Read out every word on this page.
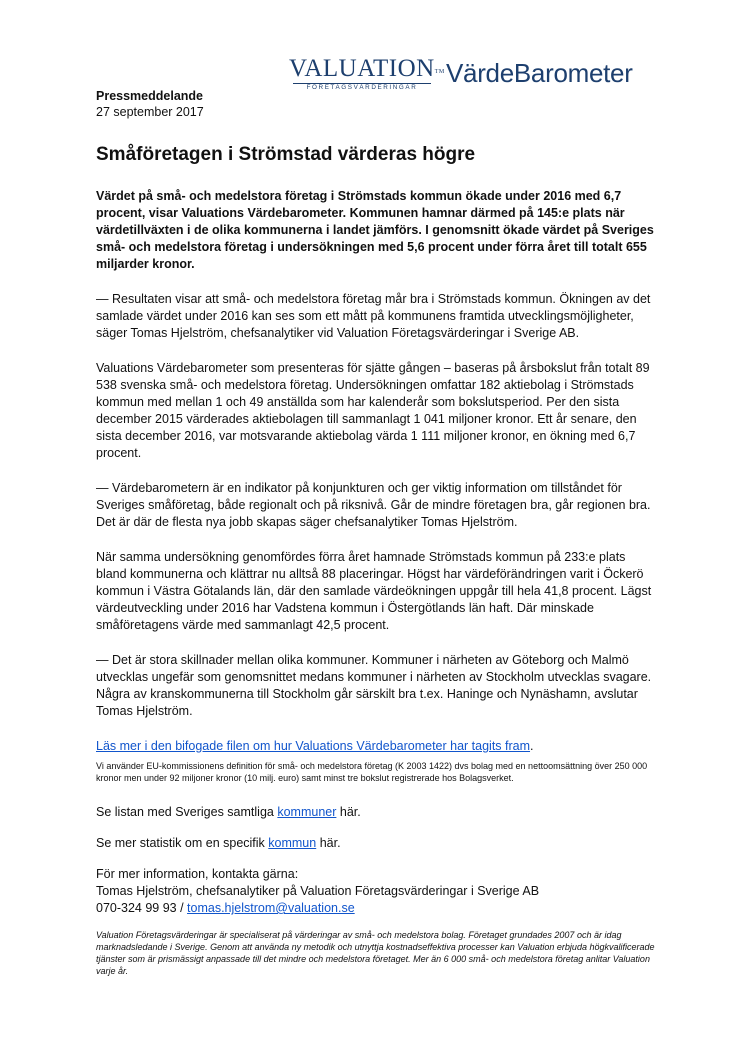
VALUATION™
FÖRETAGSVÄRDERINGAR	VärdeBarometer

Pressmeddelande

27 september 2017

Småföretagen i Strömstad värderas högre

Värdet på små- och medelstora företag i Strömstads kommun ökade under 2016 med 6,7 procent, visar Valuations Värdebarometer. Kommunen hamnar därmed på 145:e plats när värdetillväxten i de olika kommunerna i landet jämförs. I genomsnitt ökade värdet på Sveriges små- och medelstora företag i undersökningen med 5,6 procent under förra året till totalt 655 miljarder kronor.

— Resultaten visar att små- och medelstora företag mår bra i Strömstads kommun. Ökningen av det samlade värdet under 2016 kan ses som ett mått på kommunens framtida utvecklingsmöjligheter, säger Tomas Hjelström, chefsanalytiker vid Valuation Företagsvärderingar i Sverige AB.

Valuations Värdebarometer som presenteras för sjätte gången – baseras på årsbokslut från totalt 89 538 svenska små- och medelstora företag. Undersökningen omfattar 182 aktiebolag i Strömstads kommun med mellan 1 och 49 anställda som har kalenderår som bokslutsperiod. Per den sista december 2015 värderades aktiebolagen till sammanlagt 1 041 miljoner kronor. Ett år senare, den sista december 2016, var motsvarande aktiebolag värda 1 111 miljoner kronor, en ökning med 6,7 procent.

— Värdebarometern är en indikator på konjunkturen och ger viktig information om tillståndet för Sveriges småföretag, både regionalt och på riksnivå. Går de mindre företagen bra, går regionen bra. Det är där de flesta nya jobb skapas säger chefsanalytiker Tomas Hjelström.

När samma undersökning genomfördes förra året hamnade Strömstads kommun på 233:e plats bland kommunerna och klättrar nu alltså 88 placeringar. Högst har värdeförändringen varit i Öckerö kommun i Västra Götalands län, där den samlade värdeökningen uppgår till hela 41,8 procent. Lägst värdeutveckling under 2016 har Vadstena kommun i Östergötlands län haft. Där minskade småföretagens värde med sammanlagt 42,5 procent.

— Det är stora skillnader mellan olika kommuner. Kommuner i närheten av Göteborg och Malmö utvecklas ungefär som genomsnittet medans kommuner i närheten av Stockholm utvecklas svagare. Några av kranskommunerna till Stockholm går särskilt bra t.ex. Haninge och Nynäshamn, avslutar Tomas Hjelström.

Läs mer i den bifogade filen om hur Valuations Värdebarometer har tagits fram.

Vi använder EU-kommissionens definition för små- och medelstora företag (K 2003 1422) dvs bolag med en nettoomsättning över 250 000 kronor men under 92 miljoner kronor (10 milj. euro) samt minst tre bokslut registrerade hos Bolagsverket.

Se listan med Sveriges samtliga kommuner här.

Se mer statistik om en specifik kommun här.

För mer information, kontakta gärna:

Tomas Hjelström, chefsanalytiker på Valuation Företagsvärderingar i Sverige AB

070-324 99 93 / tomas.hjelstrom@valuation.se

Valuation Företagsvärderingar är specialiserat på värderingar av små- och medelstora bolag. Företaget grundades 2007 och är idag marknadsledande i Sverige. Genom att använda ny metodik och utnyttja kostnadseffektiva processer kan Valuation erbjuda högkvalificerade tjänster som är prismässigt anpassade till det mindre och medelstora företaget. Mer än 6 000 små- och medelstora företag anlitar Valuation varje år.
